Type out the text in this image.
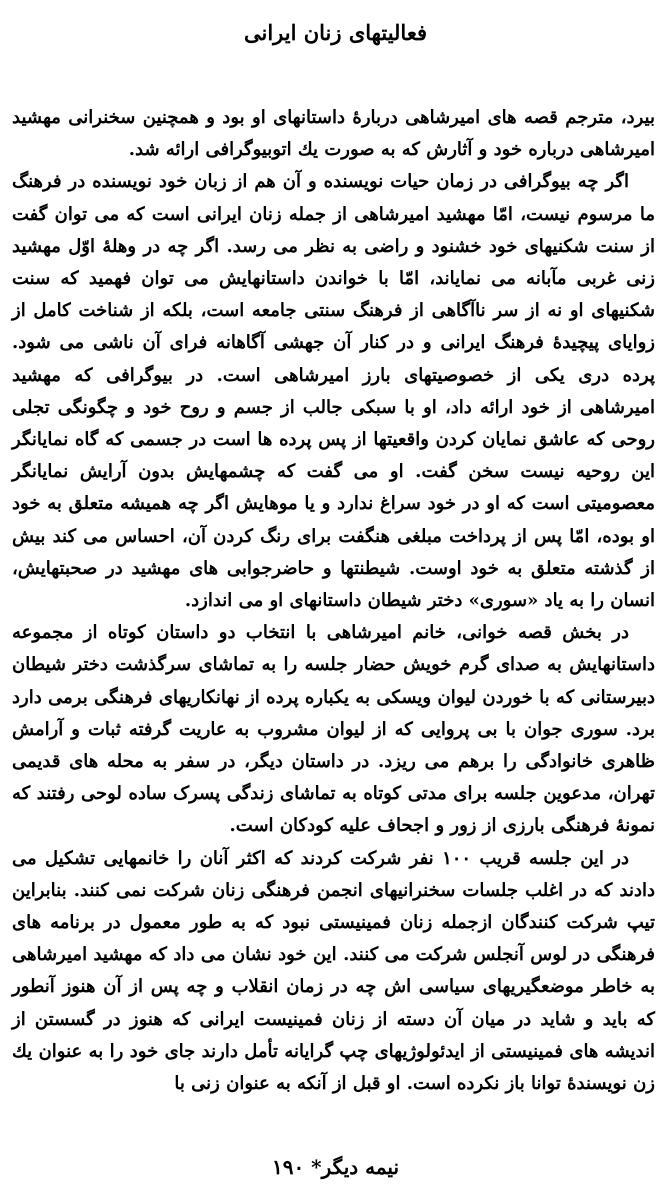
فعالیتهای زنان ایرانی

بیرد، مترجم قصه های امیرشاهی دربارهٔ داستانهای او بود و همچنین سخنرانی مهشید امیرشاهی درباره خود و آثارش که به صورت یك اتوبیوگرافی ارائه شد.

اگر چه بیوگرافی در زمان حیات نویسنده و آن هم از زبان خود نویسنده در فرهنگ ما مرسوم نیست، امّا مهشید امیرشاهی از جمله زنان ایرانی است که می توان گفت از سنت شکنیهای خود خشنود و راضی به نظر می رسد. اگر چه در وهلهٔ اوّل مهشید زنی غربی مآبانه می نمایاند، امّا با خواندن داستانهایش می توان فهمید که سنت شکنیهای او نه از سر ناآگاهی از فرهنگ سنتی جامعه است، بلکه از شناخت کامل از زوایای پیچیدهٔ فرهنگ ایرانی و در کنار آن جهشی آگاهانه فرای آن ناشی می شود. پرده دری یکی از خصوصیتهای بارز امیرشاهی است. در بیوگرافی که مهشید امیرشاهی از خود ارائه داد، او با سبکی جالب از جسم و روح خود و چگونگی تجلی روحی که عاشق نمایان کردن واقعیتها از پس پرده ها است در جسمی که گاه نمایانگر این روحیه نیست سخن گفت. او می گفت که چشمهایش بدون آرایش نمایانگر معصومیتی است که او در خود سراغ ندارد و یا موهایش اگر چه همیشه متعلق به خود او بوده، امّا پس از پرداخت مبلغی هنگفت برای رنگ کردن آن، احساس می کند بیش از گذشته متعلق به خود اوست. شیطنتها و حاضرجوابی های مهشید در صحبتهایش، انسان را به یاد «سوری» دختر شیطان داستانهای او می اندازد.

در بخش قصه خوانی، خانم امیرشاهی با انتخاب دو داستان کوتاه از مجموعه داستانهایش به صدای گرم خویش حضار جلسه را به تماشای سرگذشت دختر شیطان دبیرستانی که با خوردن لیوان ویسکی به یکباره پرده از نهانکاریهای فرهنگی برمی دارد برد. سوری جوان با بی پروایی که از لیوان مشروب به عاریت گرفته ثبات و آرامش ظاهری خانوادگی را برهم می ریزد. در داستان دیگر، در سفر به محله های قدیمی تهران، مدعوین جلسه برای مدتی کوتاه به تماشای زندگی پسرک ساده لوحی رفتند که نمونهٔ فرهنگی بارزی از زور و اجحاف علیه کودکان است.

در این جلسه قریب ۱۰۰ نفر شرکت کردند که اکثر آنان را خانمهایی تشکیل می دادند که در اغلب جلسات سخنرانیهای انجمن فرهنگی زنان شرکت نمی کنند. بنابراین تیپ شرکت کنندگان ازجمله زنان فمینیستی نبود که به طور معمول در برنامه های فرهنگی در لوس آنجلس شرکت می کنند. این خود نشان می داد که مهشید امیرشاهی به خاطر موضعگیریهای سیاسی اش چه در زمان انقلاب و چه پس از آن هنوز آنطور که باید و شاید در میان آن دسته از زنان فمینیست ایرانی که هنوز در گسستن از اندیشه های فمینیستی از ایدئولوژیهای چپ گرایانه تأمل دارند جای خود را به عنوان یك زن نویسندهٔ توانا باز نکرده است. او قبل از آنکه به عنوان زنی با

نیمه دیگر* ۱۹۰
